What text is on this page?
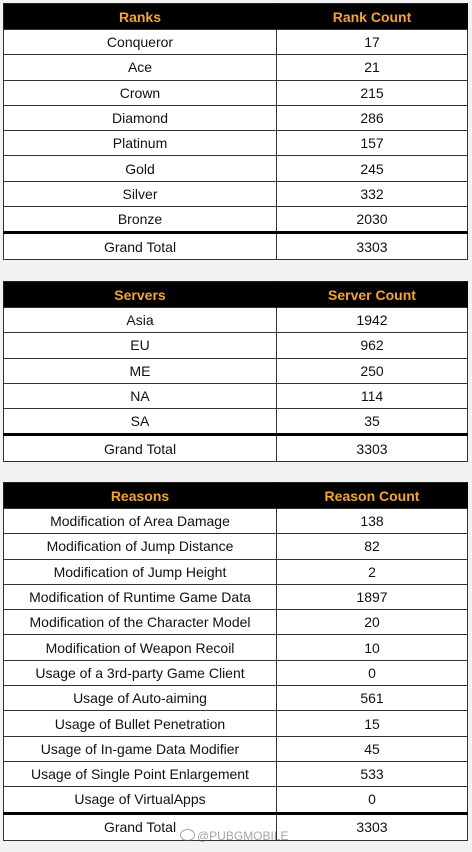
Ranks	Rank Count
Conqueror	17
Ace	21
Crown	215
Diamond	286
Platinum	157
Gold	245
Silver	332
Bronze	2030
Grand Total	3303
Servers	Server Count
Asia	1942
EU	962
ME	250
NA	114
SA	35
Grand Total	3303
Reasons	Reason Count
Modification of Area Damage	138
Modification of Jump Distance	82
Modification of Jump Height	2
Modification of Runtime Game Data	1897
Modification of the Character Model	20
Modification of Weapon Recoil	10
Usage of a 3rd-party Game Client	0
Usage of Auto-aiming	561
Usage of Bullet Penetration	15
Usage of In-game Data Modifier	45
Usage of Single Point Enlargement	533
Usage of VirtualApps	0
Grand Total	3303
@PUBGMOBILE
